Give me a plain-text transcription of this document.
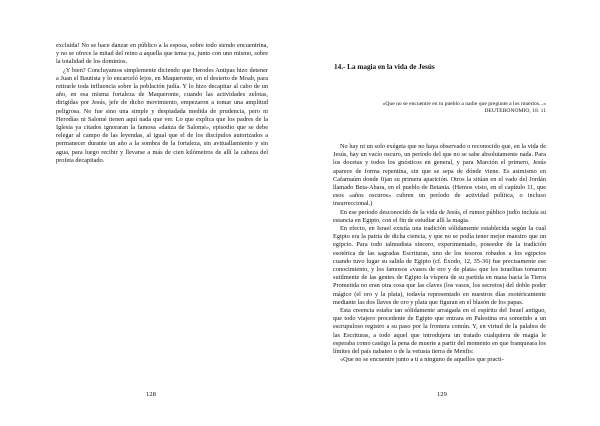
excluida! No se hace danzar en público a la esposa, sobre todo siendo encuentrina, y no se ofrece la mitad del reino a aquella que tema ya, junto con uno mismo, sobre la totalidad de los dominios.

¿Y bien? Concluyamos simplemente diciendo que Herodes Antipas hizo detener a Juan el Bautista y lo encarceló lejos, en Maqueronte, en el desierto de Moab, para retirarle toda influencia sobre la población judía. Y lo hizo decapitar al cabo de un año, en esa misma fortaleza de Maqueronte, cuando las actividades zelotas, dirigidas por Jesús, jefe de dicho movimiento, empezaron a tomar una amplitud peligrosa. No fue sino una simple y despiadada medida de prudencia, pero ni Herodías ni Salomé tienen aquí nada que ver. Lo que explica que los padres de la Iglesia ya citados ignoraran la famosa «danza de Salomé», episodio que se debe relegar al campo de las leyendas, al igual que el de los discípulos autorizados a permanecer durante un año a la sombra de la fortaleza, sin avituallamiento y sin agua, para luego recibir y llevarse a más de cien kilómetros de allí la cabeza del profeta decapitado.

128
14.- La magia en la vida de Jesús
«Que no se encuentre en tu pueblo a nadie que pregunte a los muertos...»
DEUTERONOMIO, 18. 11

No hay ni un solo exégeta que no haya observado o reconocido que, en la vida de Jesús, hay un vacío oscuro, un período del que no se sabe absolutamente nada. Para los docetas y todos los gnósticos en general, y para Marción el primero, Jesús aparece de forma repentina, sin que se sepa de dónde viene. Es asimismo en Cafarnaúm donde fijan su primera aparición. Otros la sitúan en el vado del Jordán llamado Beta-Abara, en el pueblo de Betania. (Hemos visto, en el capítulo 11, que esos «años oscuros» cubren un período de actividad política, o incluso insurreccional.)

En ese período desconocido de la vida de Jesús, el rumor público judío incluía su estancia en Egipto, con el fin de estudiar allí la magia.

En efecto, en Israel existía una tradición sólidamente establecida según la cual Egipto era la patria de dicha ciencia, y que no se podía tener mejor maestro que un egipcio. Para todo talmudista sincero, experimentado, poseedor de la tradición esotérica de las sagradas Escrituras, uno de los tesoros robados a los egipcios cuando tuvo lugar su salida de Egipto (cf. Éxodo, 12, 35-36) fue precisamente ese conocimiento, y los famosos «vasos de oro y de plata» que los israelitas tomaron sutilmente de las gentes de Egipto la víspera de su partida en masa hacia la Tierra Prometida no eran otra cosa que las claves (los vasos, los secretos) del doble poder mágico (el oro y la plata), todavía representado en nuestros días esotéricamente mediante las dos llaves de oro y plata que figuran en el blasón de los papas.

Esta creencia estaba tan sólidamente arraigada en el espíritu del Israel antiguo, que todo viajero procedente de Egipto que entrara en Palestina era sometido a un escrupuloso registro a su paso por la frontera común. Y, en virtud de la palabra de las Escrituras, a todo aquel que introdujera un tratado cualquiera de magia le esperaba como castigo la pena de muerte a partir del momento en que franqueara los límites del país nabateo o de la vetusta tierra de Menfis:

«Que no se encuentre junto a ti a ninguno de aquellos que practi-

129
